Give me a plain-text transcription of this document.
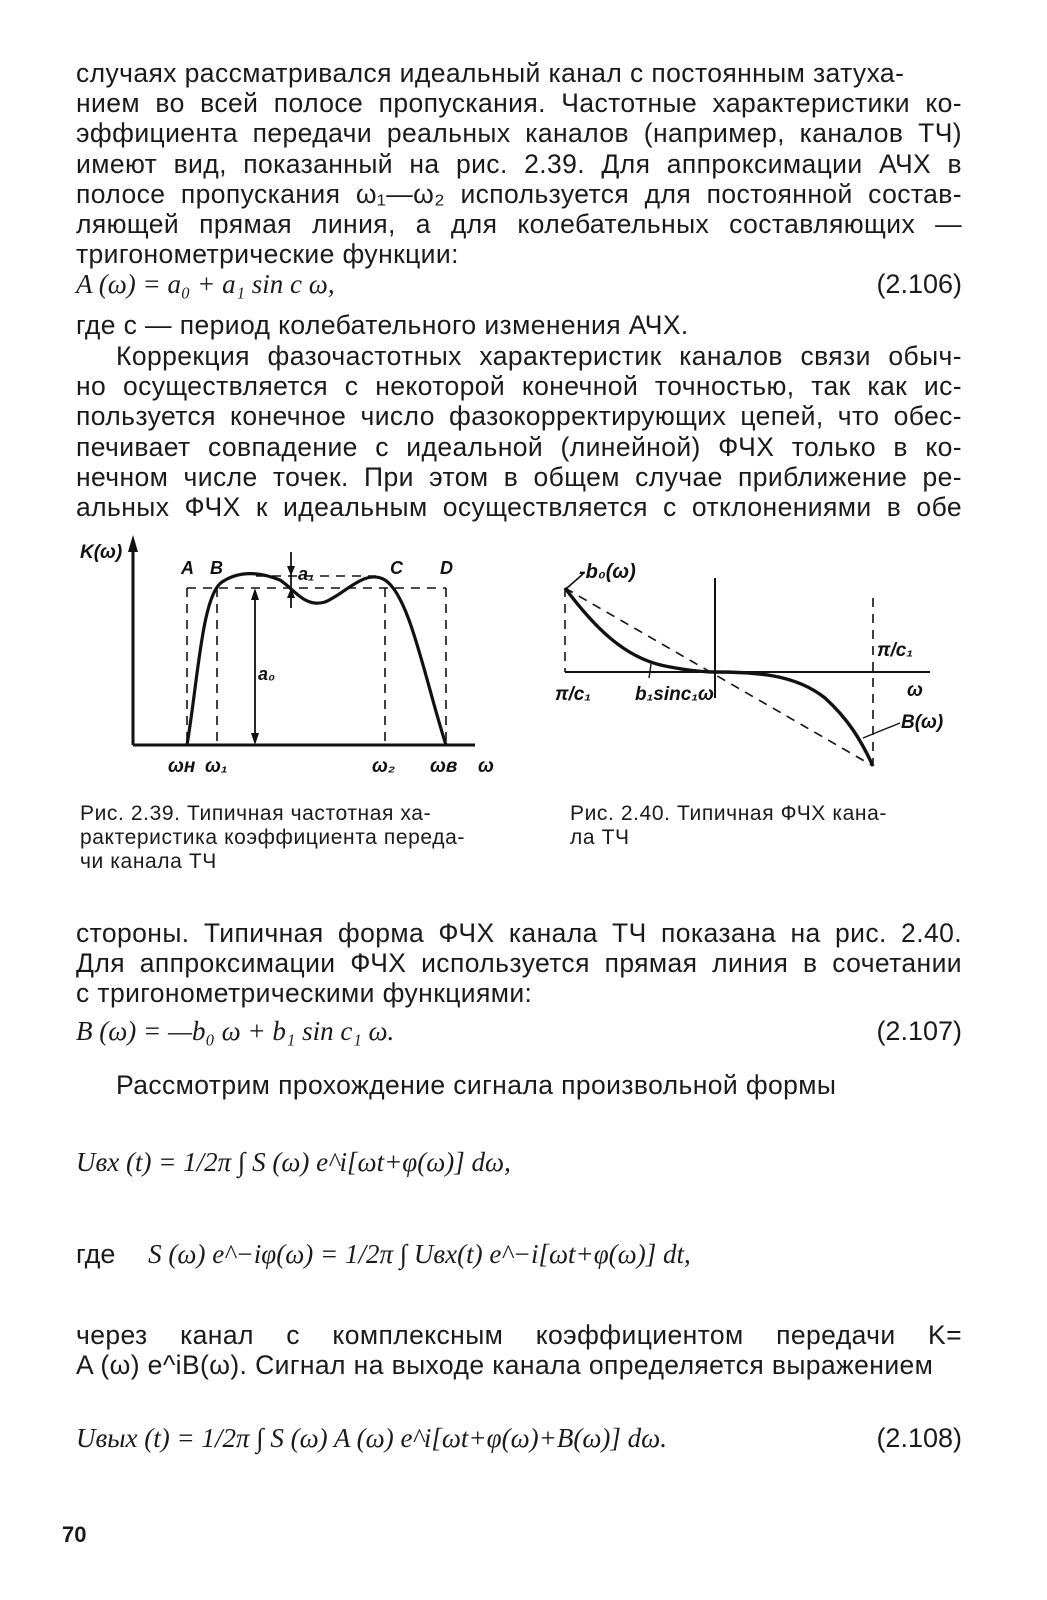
случаях рассматривался идеальный канал с постоянным затуха-
нием во всей полосе пропускания. Частотные характеристики ко-
эффициента передачи реальных каналов (например, каналов ТЧ)
имеют вид, показанный на рис. 2.39. Для аппроксимации АЧХ в
полосе пропускания ω₁—ω₂ используется для постоянной состав-
ляющей прямая линия, а для колебательных составляющих —
тригонометрические функции:
A (ω) = a₀ + a₁ sin c ω,	(2.106)
где c — период колебательного изменения АЧХ.
Коррекция фазочастотных характеристик каналов связи обыч-
но осуществляется с некоторой конечной точностью, так как ис-
пользуется конечное число фазокорректирующих цепей, что обес-
печивает совпадение с идеальной (линейной) ФЧХ только в ко-
нечном числе точек. При этом в общем случае приближение ре-
альных ФЧХ к идеальным осуществляется с отклонениями в обе
K(ω)
a₀
a₁
A B	C D
ωн ω₁	ω₂ ωв ω
-b₀(ω)
π/c₁ b₁sinc₁ω
π/c₁
ω
B(ω)
Рис. 2.39. Типичная частотная ха-
рактеристика коэффициента переда-
чи канала ТЧ
Рис. 2.40. Типичная ФЧХ кана-
ла ТЧ
стороны. Типичная форма ФЧХ канала ТЧ показана на рис. 2.40.
Для аппроксимации ФЧХ используется прямая линия в сочетании
с тригонометрическими функциями:
B (ω) = —b₀ ω + b₁ sin c₁ ω.	(2.107)
Рассмотрим прохождение сигнала произвольной формы
Uвх (t) = 1/2π ∫ S (ω) e^i[ωt+φ(ω)] dω,
где S (ω) e^−iφ(ω) = 1/2π ∫ Uвх(t) e^−i[ωt+φ(ω)] dt,
через канал с комплексным коэффициентом передачи K=
A (ω) e^iB(ω). Сигнал на выходе канала определяется выражением
Uвых (t) = 1/2π ∫ S (ω) A (ω) e^i[ωt+φ(ω)+B(ω)] dω.	(2.108)
70
